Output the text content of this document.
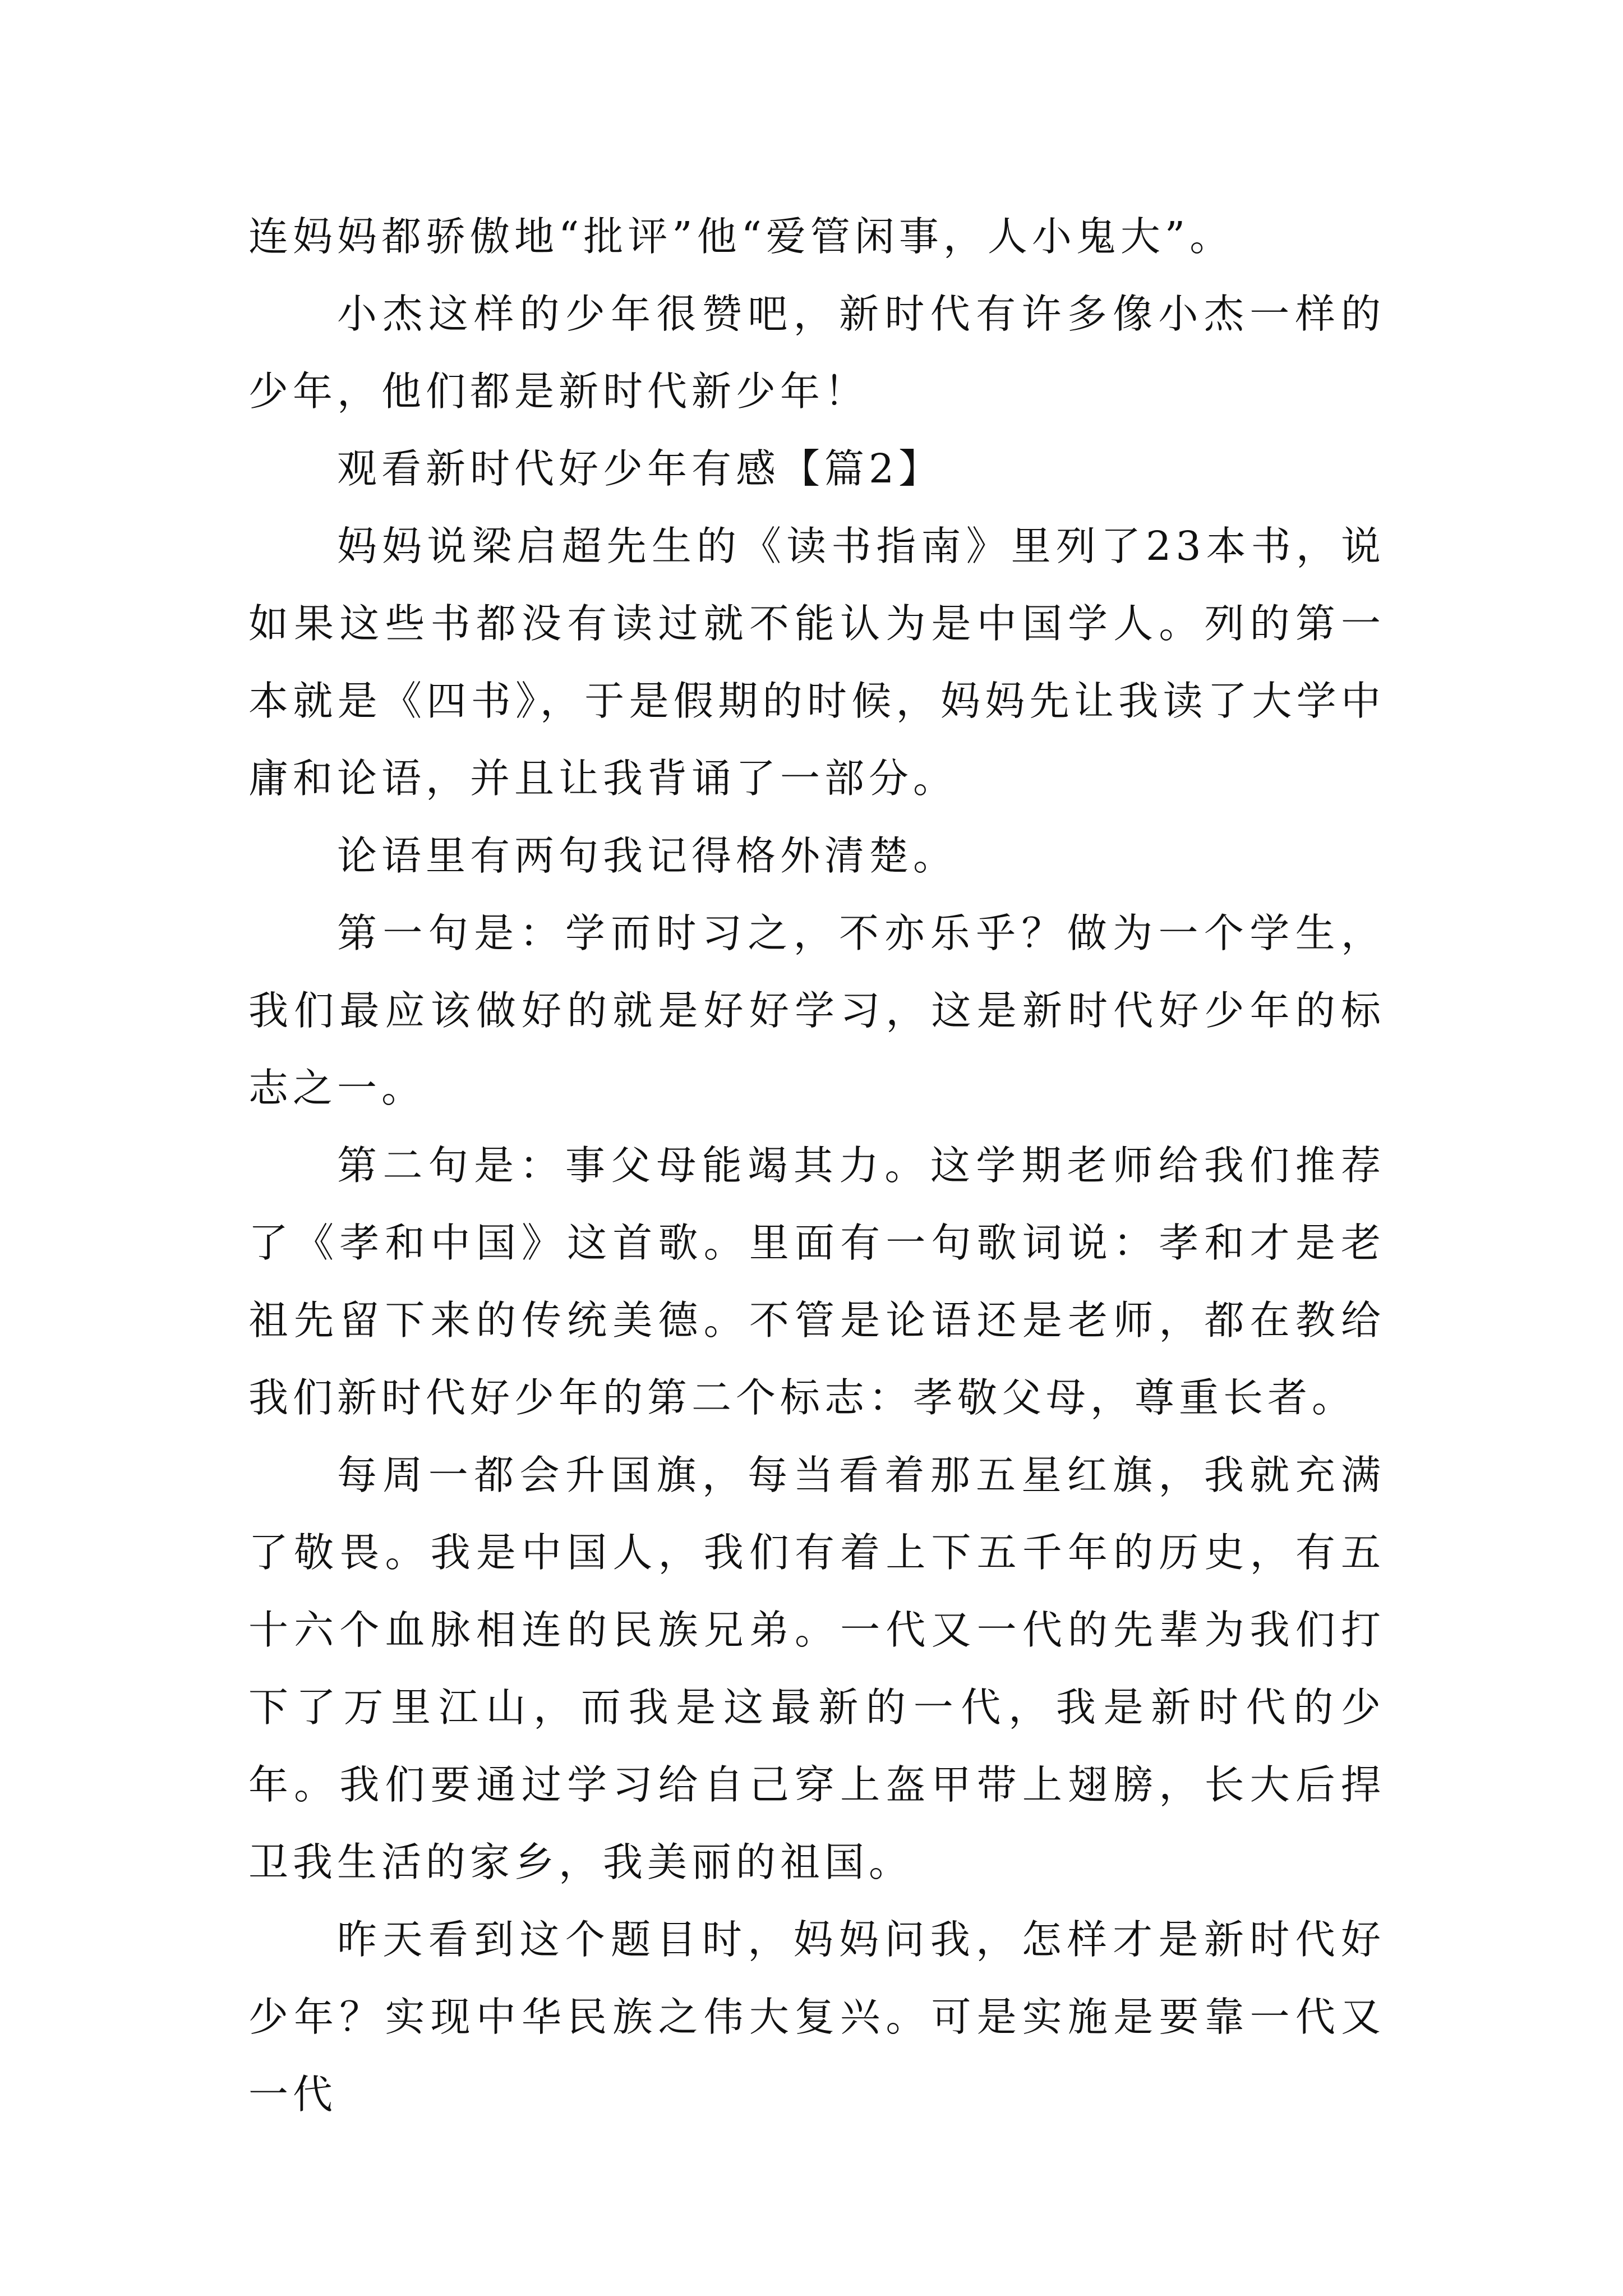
连妈妈都骄傲地“批评”他“爱管闲事，人小鬼大”。

小杰这样的少年很赞吧，新时代有许多像小杰一样的少年，他们都是新时代新少年！

观看新时代好少年有感【篇2】

妈妈说梁启超先生的《读书指南》里列了23本书，说如果这些书都没有读过就不能认为是中国学人。列的第一本就是《四书》，于是假期的时候，妈妈先让我读了大学中庸和论语，并且让我背诵了一部分。

论语里有两句我记得格外清楚。

第一句是：学而时习之，不亦乐乎？做为一个学生，我们最应该做好的就是好好学习，这是新时代好少年的标志之一。

第二句是：事父母能竭其力。这学期老师给我们推荐了《孝和中国》这首歌。里面有一句歌词说：孝和才是老祖先留下来的传统美德。不管是论语还是老师，都在教给我们新时代好少年的第二个标志：孝敬父母，尊重长者。

每周一都会升国旗，每当看着那五星红旗，我就充满了敬畏。我是中国人，我们有着上下五千年的历史，有五十六个血脉相连的民族兄弟。一代又一代的先辈为我们打下了万里江山，而我是这最新的一代，我是新时代的少年。我们要通过学习给自己穿上盔甲带上翅膀，长大后捍卫我生活的家乡，我美丽的祖国。

昨天看到这个题目时，妈妈问我，怎样才是新时代好少年？实现中华民族之伟大复兴。可是实施是要靠一代又一代
